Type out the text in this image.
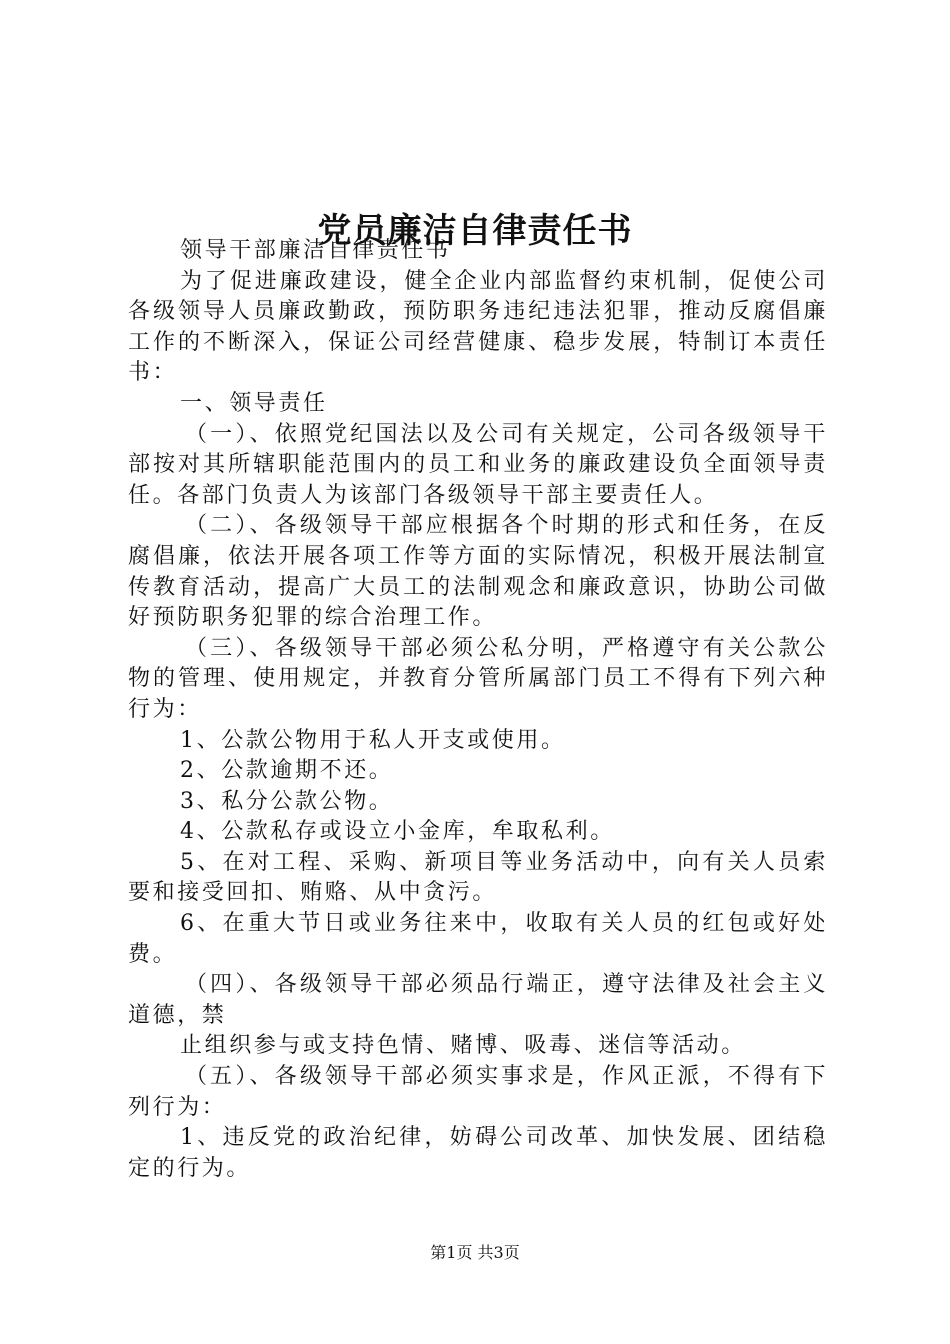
党员廉洁自律责任书

领导干部廉洁自律责任书

为了促进廉政建设，健全企业内部监督约束机制，促使公司各级领导人员廉政勤政，预防职务违纪违法犯罪，推动反腐倡廉工作的不断深入，保证公司经营健康、稳步发展，特制订本责任书：

一、领导责任

（一）、依照党纪国法以及公司有关规定，公司各级领导干部按对其所辖职能范围内的员工和业务的廉政建设负全面领导责任。各部门负责人为该部门各级领导干部主要责任人。

（二）、各级领导干部应根据各个时期的形式和任务，在反腐倡廉，依法开展各项工作等方面的实际情况，积极开展法制宣传教育活动，提高广大员工的法制观念和廉政意识，协助公司做好预防职务犯罪的综合治理工作。

（三）、各级领导干部必须公私分明，严格遵守有关公款公物的管理、使用规定，并教育分管所属部门员工不得有下列六种行为：

1、公款公物用于私人开支或使用。

2、公款逾期不还。

3、私分公款公物。

4、公款私存或设立小金库，牟取私利。

5、在对工程、采购、新项目等业务活动中，向有关人员索要和接受回扣、贿赂、从中贪污。

6、在重大节日或业务往来中，收取有关人员的红包或好处费。

（四）、各级领导干部必须品行端正，遵守法律及社会主义道德，禁

止组织参与或支持色情、赌博、吸毒、迷信等活动。

（五）、各级领导干部必须实事求是，作风正派，不得有下列行为：

1、违反党的政治纪律，妨碍公司改革、加快发展、团结稳定的行为。

第1页 共3页
